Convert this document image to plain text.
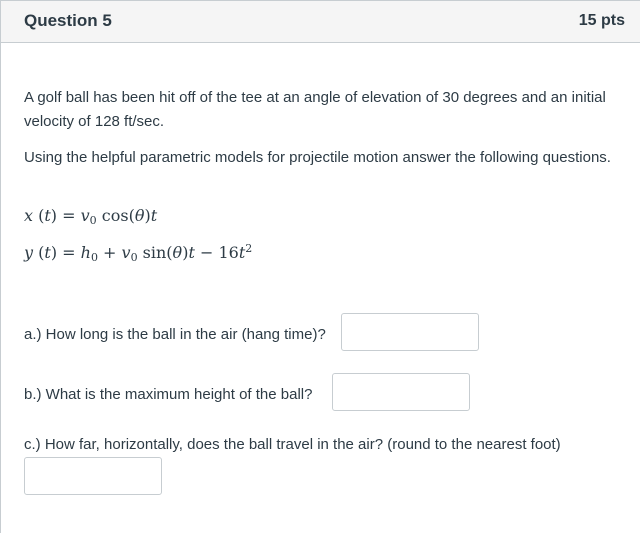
Question 5	15 pts
A golf ball has been hit off of the tee at an angle of elevation of 30 degrees and an initial velocity of 128 ft/sec.
Using the helpful parametric models for projectile motion answer the following questions.
x $(t) = v_0$ cos(θ)t
y $(t) = h_0 + v_0$ $\sin(\theta)t - 16t^2$
a.) How long is the ball in the air (hang time)?
b.) What is the maximum height of the ball?
c.) How far, horizontally, does the ball travel in the air? (round to the nearest foot)
